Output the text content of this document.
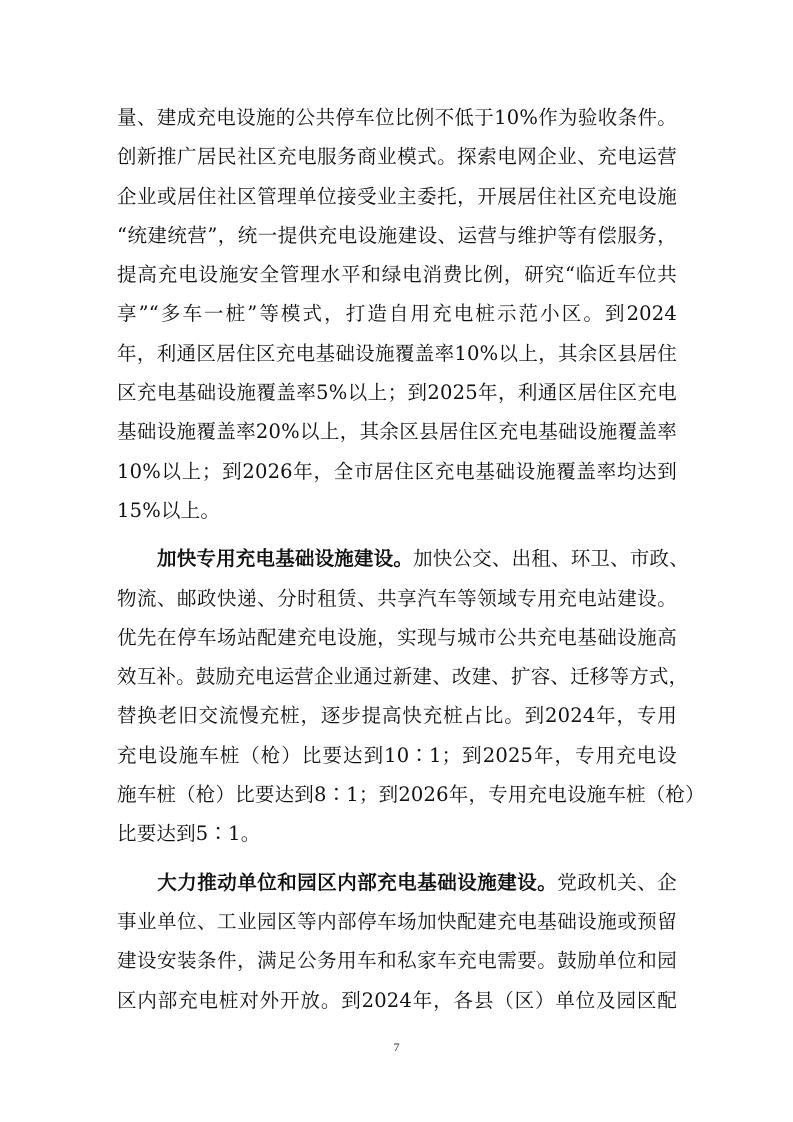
量、建成充电设施的公共停车位比例不低于10%作为验收条件。
创新推广居民社区充电服务商业模式。探索电网企业、充电运营
企业或居住社区管理单位接受业主委托，开展居住社区充电设施
“统建统营”，统一提供充电设施建设、运营与维护等有偿服务，
提高充电设施安全管理水平和绿电消费比例，研究“临近车位共
享”“多车一桩”等模式，打造自用充电桩示范小区。到2024
年，利通区居住区充电基础设施覆盖率10%以上，其余区县居住
区充电基础设施覆盖率5%以上；到2025年，利通区居住区充电
基础设施覆盖率20%以上，其余区县居住区充电基础设施覆盖率
10%以上；到2026年，全市居住区充电基础设施覆盖率均达到
15%以上。
加快专用充电基础设施建设。加快公交、出租、环卫、市政、
物流、邮政快递、分时租赁、共享汽车等领域专用充电站建设。
优先在停车场站配建充电设施，实现与城市公共充电基础设施高
效互补。鼓励充电运营企业通过新建、改建、扩容、迁移等方式，
替换老旧交流慢充桩，逐步提高快充桩占比。到2024年，专用
充电设施车桩（枪）比要达到10∶1；到2025年，专用充电设
施车桩（枪）比要达到8∶1；到2026年，专用充电设施车桩（枪）
比要达到5∶1。
大力推动单位和园区内部充电基础设施建设。党政机关、企
事业单位、工业园区等内部停车场加快配建充电基础设施或预留
建设安装条件，满足公务用车和私家车充电需要。鼓励单位和园
区内部充电桩对外开放。到2024年，各县（区）单位及园区配
7
